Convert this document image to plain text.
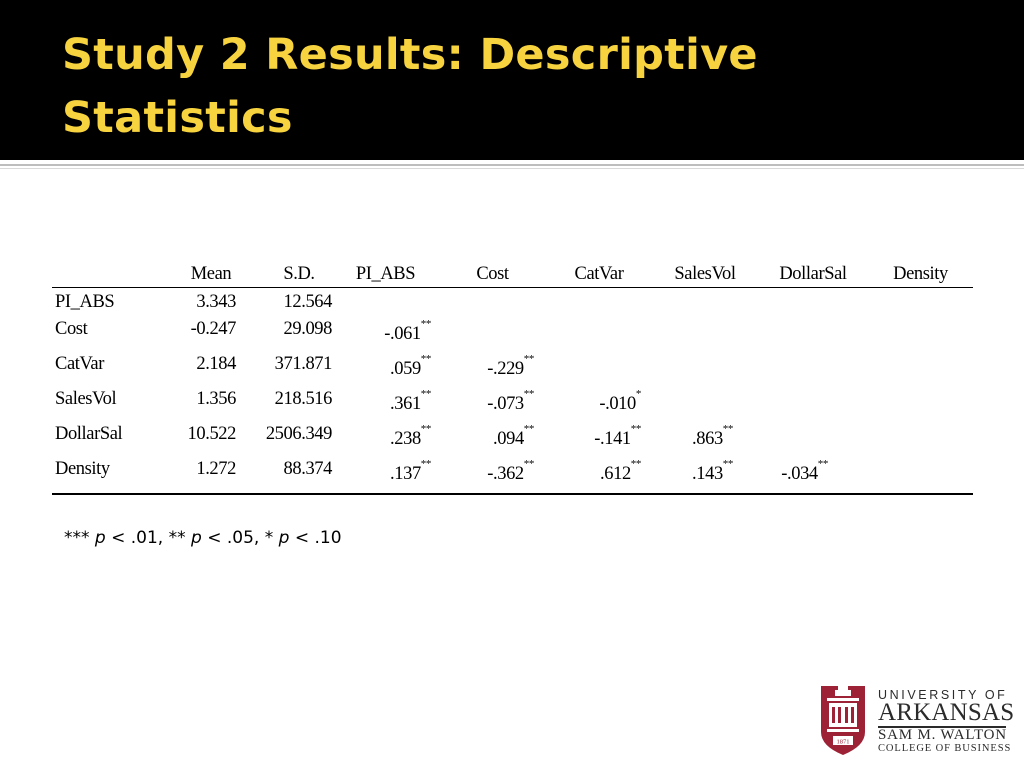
Study 2 Results: Descriptive Statistics
	Mean	S.D.	PI_ABS	Cost	CatVar	SalesVol	DollarSal	Density
PI_ABS	3.343	12.564						
Cost	-0.247	29.098	-.061**					
CatVar	2.184	371.871	.059**	-.229**				
SalesVol	1.356	218.516	.361**	-.073**	-.010*			
DollarSal	10.522	2506.349	.238**	.094**	-.141**	.863**		
Density	1.272	88.374	.137**	-.362**	.612**	.143**	-.034**	
*** p < .01, ** p < .05, * p < .10
1871
UNIVERSITY OF
ARKANSAS
SAM M. WALTON
COLLEGE OF BUSINESS
